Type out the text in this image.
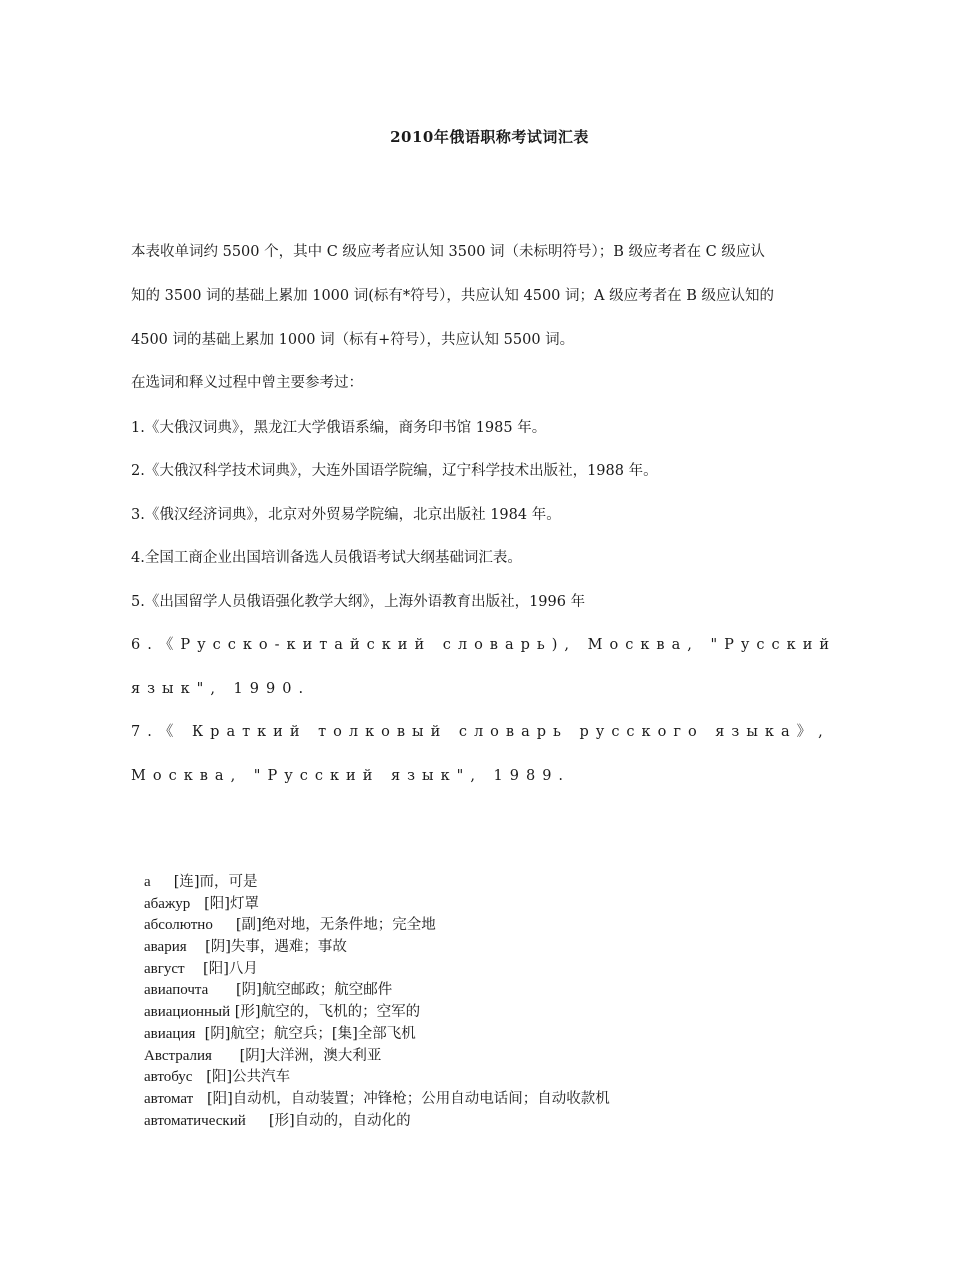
2010年俄语职称考试词汇表
本表收单词约 5500 个，其中 C 级应考者应认知 3500 词（未标明符号）；B 级应考者在 C 级应认
知的 3500 词的基础上累加 1000 词(标有*符号），共应认知 4500 词；A 级应考者在 B 级应认知的
4500 词的基础上累加 1000 词（标有+符号），共应认知 5500 词。
在选词和释义过程中曾主要参考过：
1.《大俄汉词典》，黑龙江大学俄语系编，商务印书馆 1985 年。
2.《大俄汉科学技术词典》，大连外国语学院编，辽宁科学技术出版社，1988 年。
3.《俄汉经济词典》，北京对外贸易学院编，北京出版社 1984 年。
4.全国工商企业出国培训备选人员俄语考试大纲基础词汇表。
5.《出国留学人员俄语强化教学大纲》，上海外语教育出版社，1996 年
6.《Русско-китайский словарь), Москва, "Русский
язык", 1990.
7.《 Краткий толковый словарь русского языка》,
Москва, "Русский язык", 1989.
а [连]而，可是
абажур [阳]灯罩
абсолютно [副]绝对地，无条件地；完全地
авария [阴]失事，遇难；事故
август [阳]八月
авиапочта [阴]航空邮政；航空邮件
авиационный [形]航空的，飞机的；空军的
авиация [阴]航空；航空兵；[集]全部飞机
Австралия [阴]大洋洲，澳大利亚
автобус [阳]公共汽车
автомат [阳]自动机，自动装置；冲锋枪；公用自动电话间；自动收款机
автоматический [形]自动的，自动化的
